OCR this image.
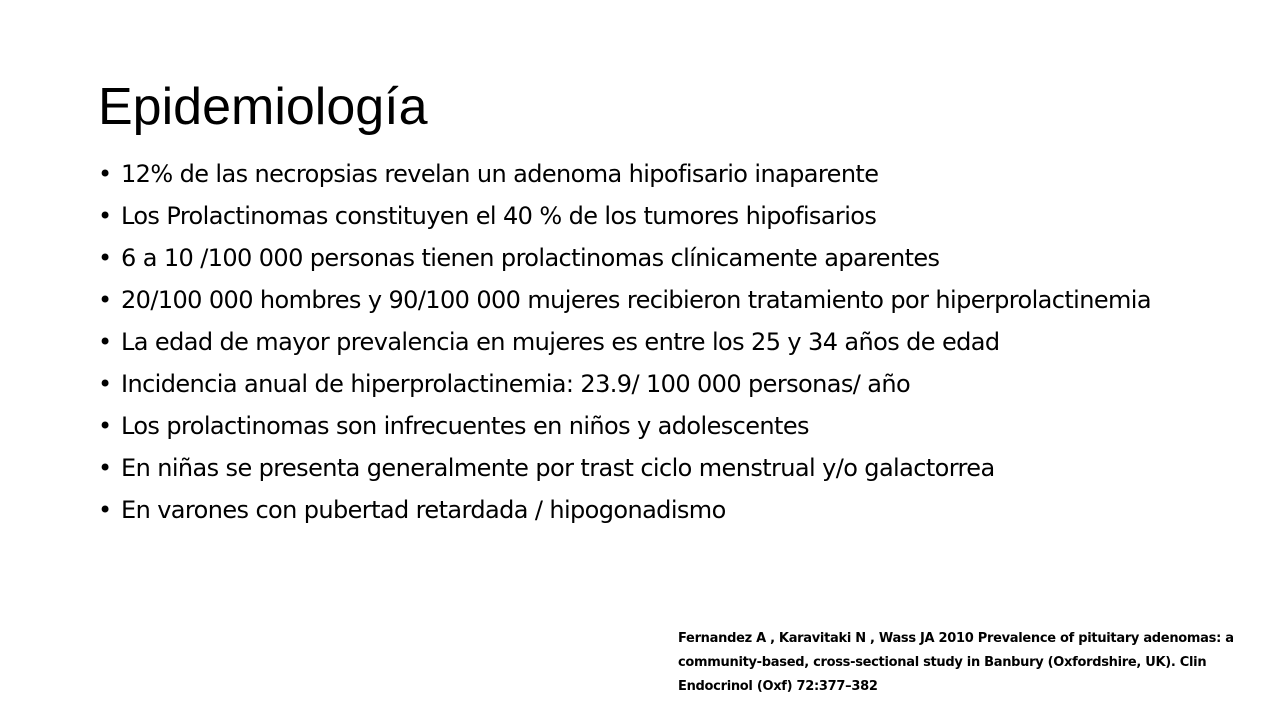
Epidemiología
• 12% de las necropsias revelan un adenoma hipofisario inaparente
• Los Prolactinomas constituyen el 40 % de los tumores hipofisarios
• 6 a 10 /100 000 personas tienen prolactinomas clínicamente aparentes
• 20/100 000 hombres y 90/100 000 mujeres recibieron tratamiento por hiperprolactinemia
• La edad de mayor prevalencia en mujeres es entre los 25 y 34 años de edad
• Incidencia anual de hiperprolactinemia: 23.9/ 100 000 personas/ año
• Los prolactinomas son infrecuentes en niños y adolescentes
• En niñas se presenta generalmente por trast ciclo menstrual y/o galactorrea
• En varones con pubertad retardada / hipogonadismo

Fernandez A , Karavitaki N , Wass JA 2010 Prevalence of pituitary adenomas: a community-based, cross-sectional study in Banbury (Oxfordshire, UK). Clin Endocrinol (Oxf) 72:377–382
